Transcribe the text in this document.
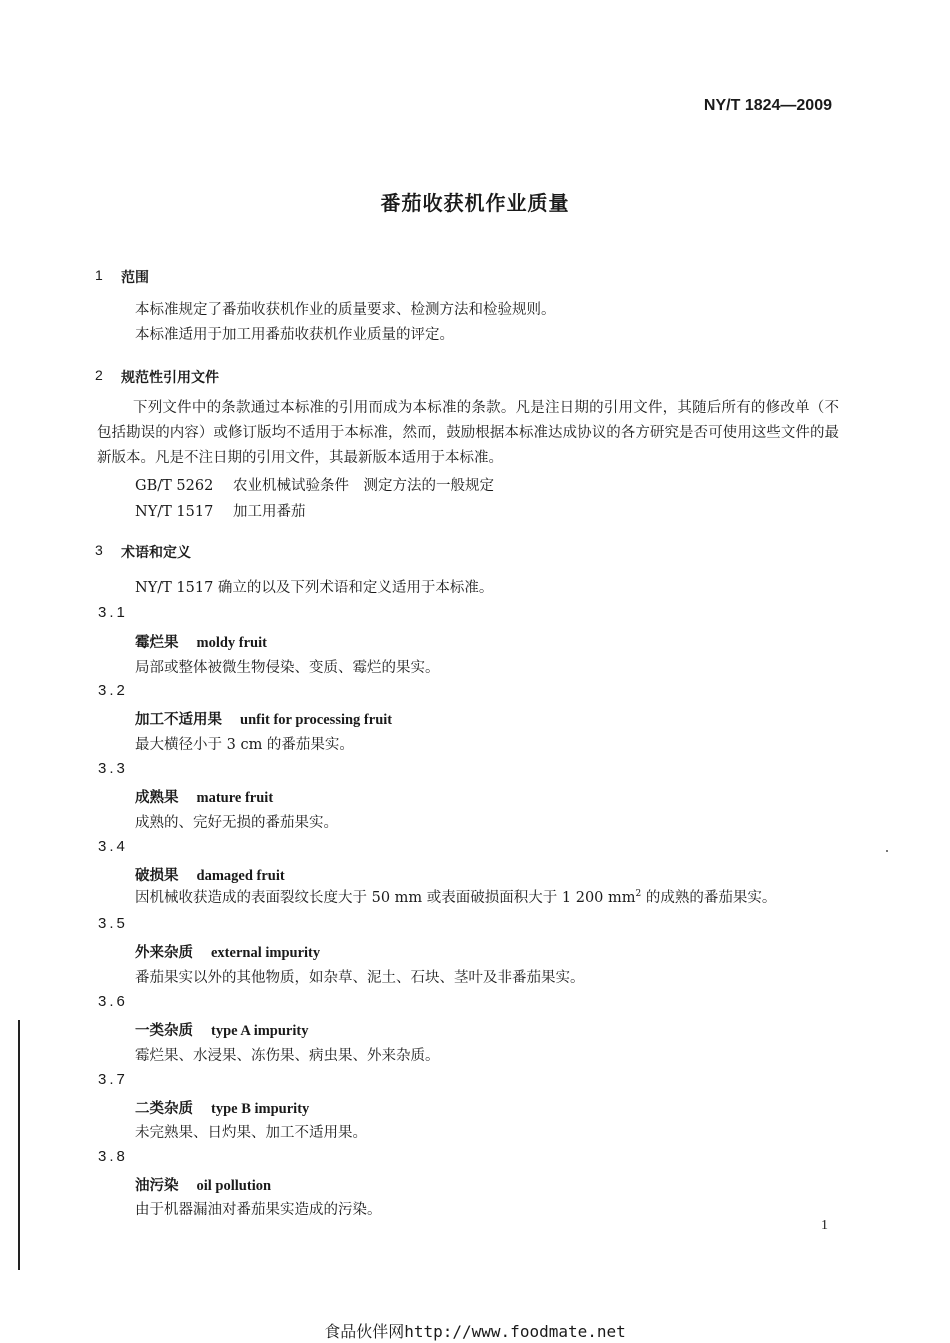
NY/T 1824—2009
番茄收获机作业质量
1 范围
本标准规定了番茄收获机作业的质量要求、检测方法和检验规则。
本标准适用于加工用番茄收获机作业质量的评定。
2 规范性引用文件
下列文件中的条款通过本标准的引用而成为本标准的条款。凡是注日期的引用文件，其随后所有的修改单（不包括勘误的内容）或修订版均不适用于本标准，然而，鼓励根据本标准达成协议的各方研究是否可使用这些文件的最新版本。凡是不注日期的引用文件，其最新版本适用于本标准。
GB/T 5262 农业机械试验条件　测定方法的一般规定
NY/T 1517 加工用番茄
3 术语和定义
NY/T 1517 确立的以及下列术语和定义适用于本标准。
3.1
霉烂果 moldy fruit
局部或整体被微生物侵染、变质、霉烂的果实。
3.2
加工不适用果 unfit for processing fruit
最大横径小于 3 cm 的番茄果实。
3.3
成熟果 mature fruit
成熟的、完好无损的番茄果实。
3.4
破损果 damaged fruit
因机械收获造成的表面裂纹长度大于 50 mm 或表面破损面积大于 1 200 $mm^2$ 的成熟的番茄果实。
3.5
外来杂质 external impurity
番茄果实以外的其他物质，如杂草、泥土、石块、茎叶及非番茄果实。
3.6
一类杂质 type A impurity
霉烂果、水浸果、冻伤果、病虫果、外来杂质。
3.7
二类杂质 type B impurity
未完熟果、日灼果、加工不适用果。
3.8
油污染 oil pollution
由于机器漏油对番茄果实造成的污染。
1
食品伙伴网http://www.foodmate.net
